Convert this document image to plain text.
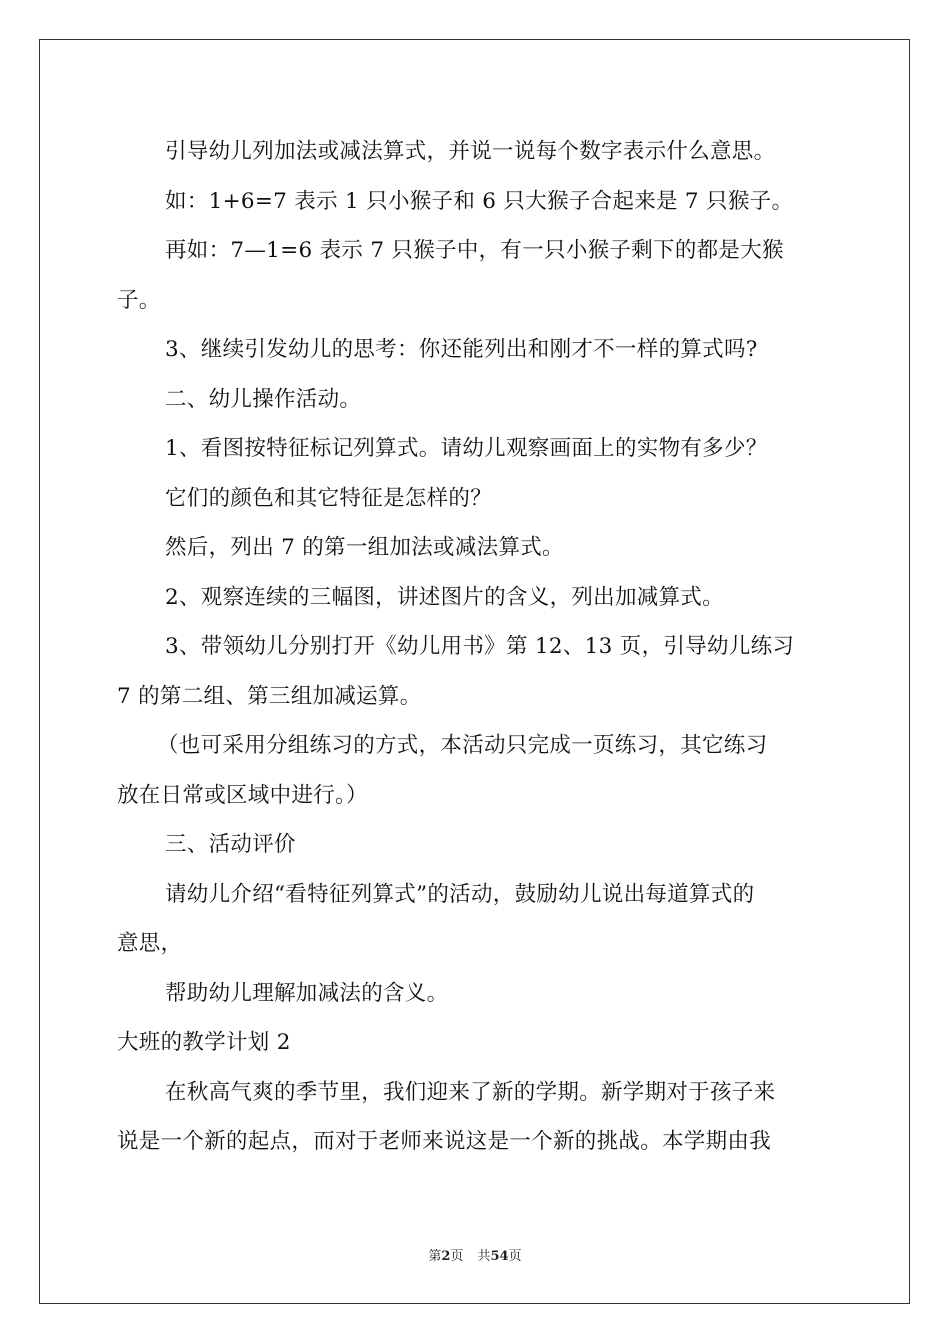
引导幼儿列加法或减法算式，并说一说每个数字表示什么意思。

如：1+6=7 表示 1 只小猴子和 6 只大猴子合起来是 7 只猴子。

再如：7—1=6 表示 7 只猴子中，有一只小猴子剩下的都是大猴

子。

3、继续引发幼儿的思考：你还能列出和刚才不一样的算式吗?

二、幼儿操作活动。

1、看图按特征标记列算式。请幼儿观察画面上的实物有多少？

它们的颜色和其它特征是怎样的？

然后，列出 7 的第一组加法或减法算式。

2、观察连续的三幅图，讲述图片的含义，列出加减算式。

3、带领幼儿分别打开《幼儿用书》第 12、13 页，引导幼儿练习

7 的第二组、第三组加减运算。

（也可采用分组练习的方式，本活动只完成一页练习，其它练习

放在日常或区域中进行。）

三、活动评价

请幼儿介绍“看特征列算式”的活动，鼓励幼儿说出每道算式的

意思，

帮助幼儿理解加减法的含义。

大班的教学计划 2

在秋高气爽的季节里，我们迎来了新的学期。新学期对于孩子来

说是一个新的起点，而对于老师来说这是一个新的挑战。本学期由我

第2页 共54页
